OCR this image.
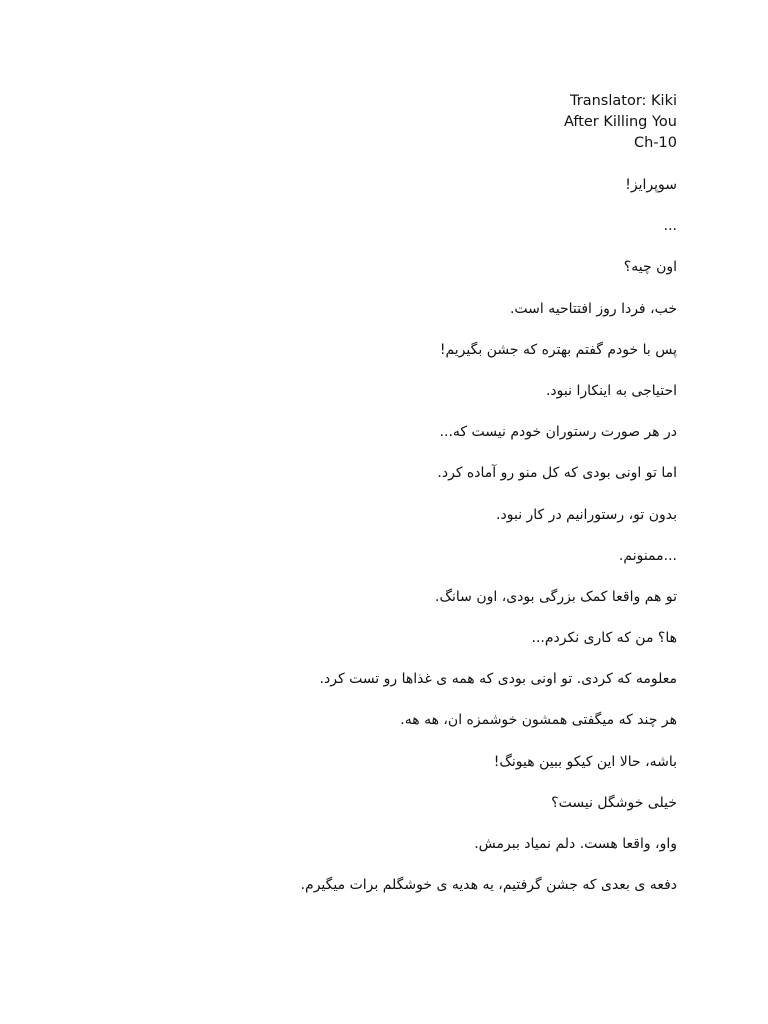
Translator: Kiki
After Killing You
Ch-10

سوپرایز!

...

اون چیه؟

خب، فردا روز افتتاحیه است.

پس با خودم گفتم بهتره که جشن بگیریم!

احتیاجی به اینکارا نبود.

در هر صورت رستوران خودم نیست که...

اما تو اونی بودی که کل منو رو آماده کرد.

بدون تو، رستورانیم در کار نبود.

...ممنونم.

تو هم واقعا کمک بزرگی بودی، اون سانگ.

ها؟ من که کاری نکردم...

معلومه که کردی. تو اونی بودی که همه ی غذاها رو تست کرد.

هر چند که میگفتی همشون خوشمزه ان، هه هه.

باشه، حالا این کیکو ببین هیونگ!

خیلی خوشگل نیست؟

واو، واقعا هست. دلم نمیاد ببرمش.

دفعه ی بعدی که جشن گرفتیم، یه هدیه ی خوشگلم برات میگیرم.
